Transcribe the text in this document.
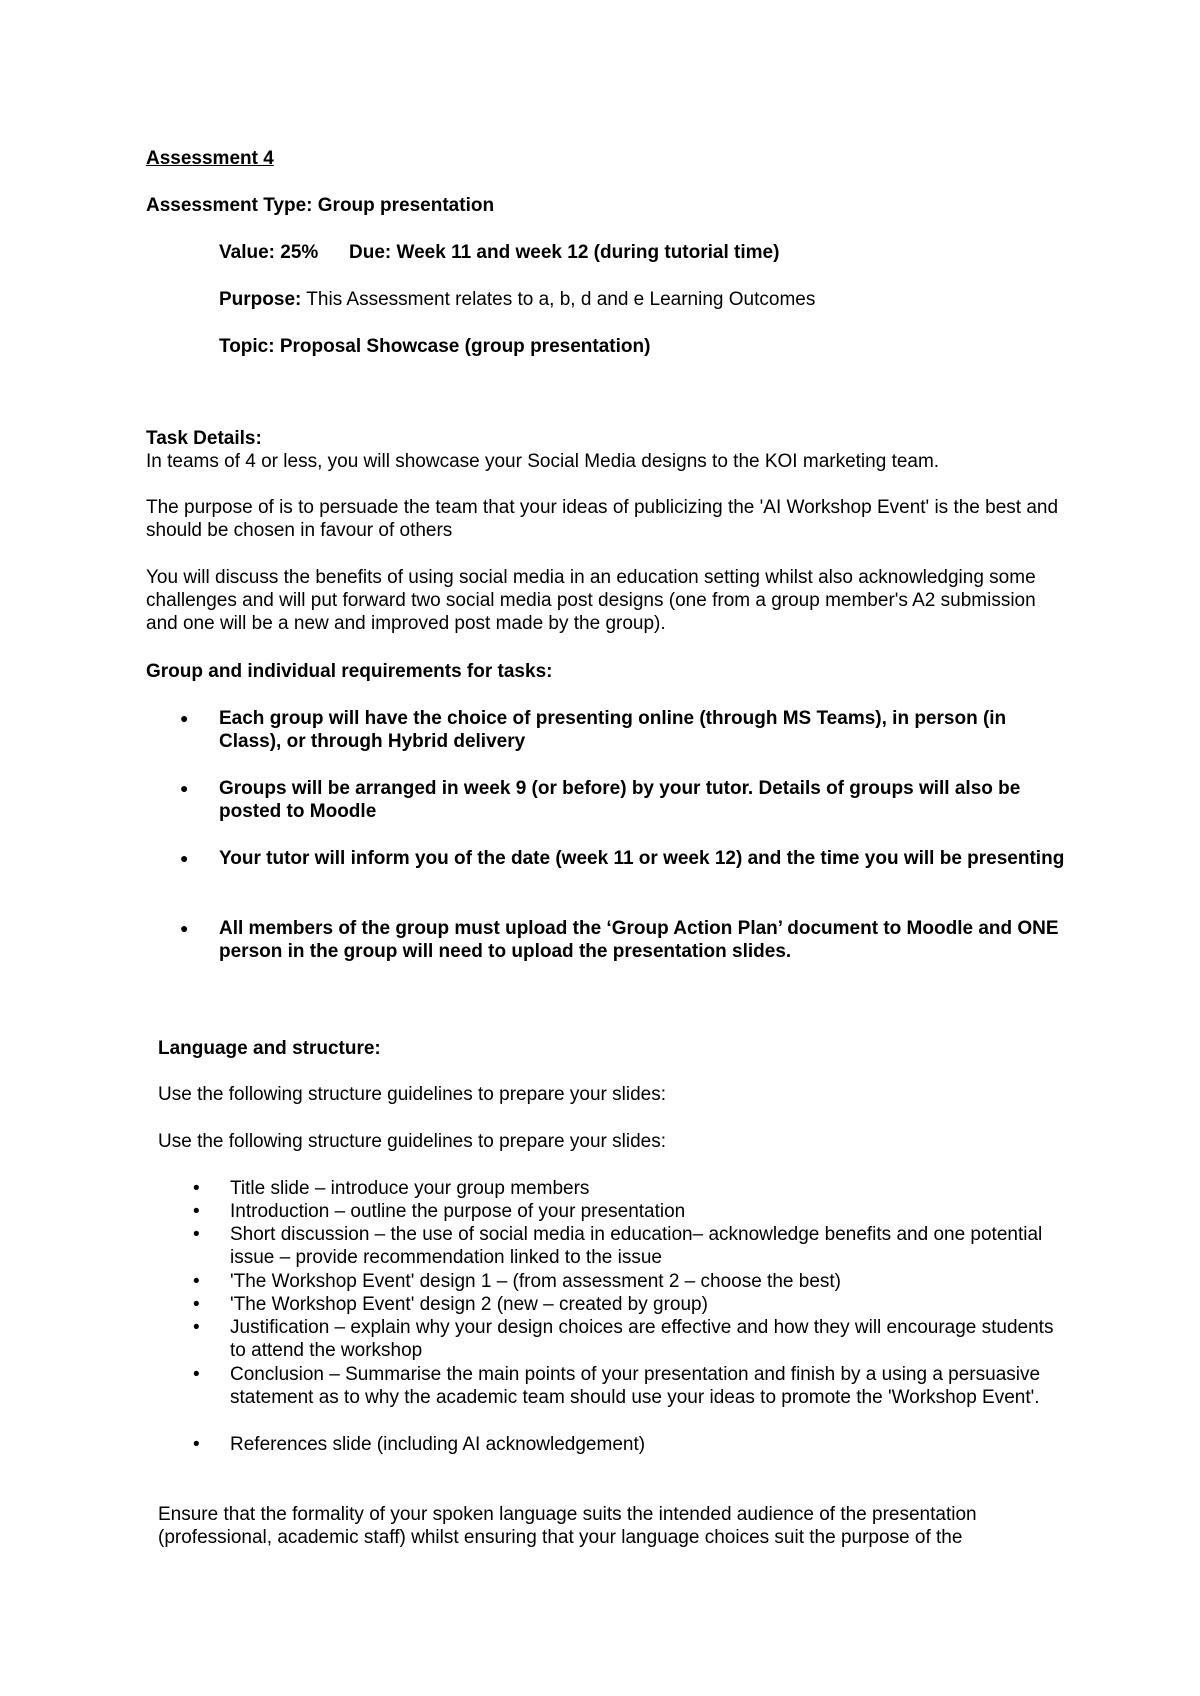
Assessment 4
Assessment Type: Group presentation
Value: 25% Due: Week 11 and week 12 (during tutorial time)
Purpose: This Assessment relates to a, b, d and e Learning Outcomes
Topic: Proposal Showcase (group presentation)
Task Details:
In teams of 4 or less, you will showcase your Social Media designs to the KOI marketing team.
The purpose of is to persuade the team that your ideas of publicizing the 'AI Workshop Event' is the best and should be chosen in favour of others
You will discuss the benefits of using social media in an education setting whilst also acknowledging some challenges and will put forward two social media post designs (one from a group member's A2 submission and one will be a new and improved post made by the group).
Group and individual requirements for tasks:
● Each group will have the choice of presenting online (through MS Teams), in person (in Class), or through Hybrid delivery
● Groups will be arranged in week 9 (or before) by your tutor. Details of groups will also be posted to Moodle
● Your tutor will inform you of the date (week 11 or week 12) and the time you will be presenting
● All members of the group must upload the ‘Group Action Plan’ document to Moodle and ONE person in the group will need to upload the presentation slides.
Language and structure:
Use the following structure guidelines to prepare your slides:
Use the following structure guidelines to prepare your slides:
• Title slide – introduce your group members
• Introduction – outline the purpose of your presentation
• Short discussion – the use of social media in education– acknowledge benefits and one potential issue – provide recommendation linked to the issue
• 'The Workshop Event' design 1 – (from assessment 2 – choose the best)
• 'The Workshop Event' design 2 (new – created by group)
• Justification – explain why your design choices are effective and how they will encourage students to attend the workshop
• Conclusion – Summarise the main points of your presentation and finish by a using a persuasive statement as to why the academic team should use your ideas to promote the 'Workshop Event'.
• References slide (including AI acknowledgement)
Ensure that the formality of your spoken language suits the intended audience of the presentation (professional, academic staff) whilst ensuring that your language choices suit the purpose of the
